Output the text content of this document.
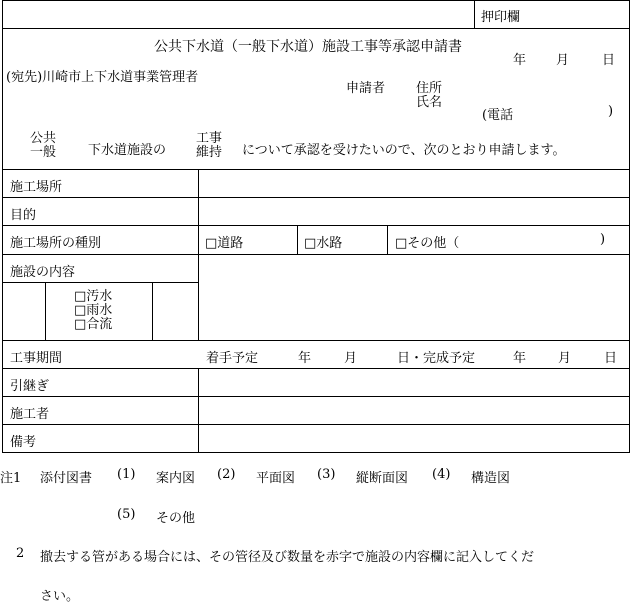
押印欄
公共下水道（一般下水道）施設工事等承認申請書
年 月	日
(宛先)川崎市上下水道事業管理者
申請者 住所
氏名
(電話	)
公共
一般 下水道施設の
工事
維持 について承認を受けたいので、次のとおり申請します。
施工場所
目的
施工場所の種別	□道路	□水路	□その他（	)
施設の内容
□汚水
□雨水
□合流
工事期間	着手予定	年	月	日・完成予定	年 月	日
引継ぎ
施工者
備考
注1 添付図書 (1) 案内図 (2) 平面図 (3) 縦断面図 (4) 構造図
(5) その他
2 撤去する管がある場合には、その管径及び数量を赤字で施設の内容欄に記入してくだ
さい。
